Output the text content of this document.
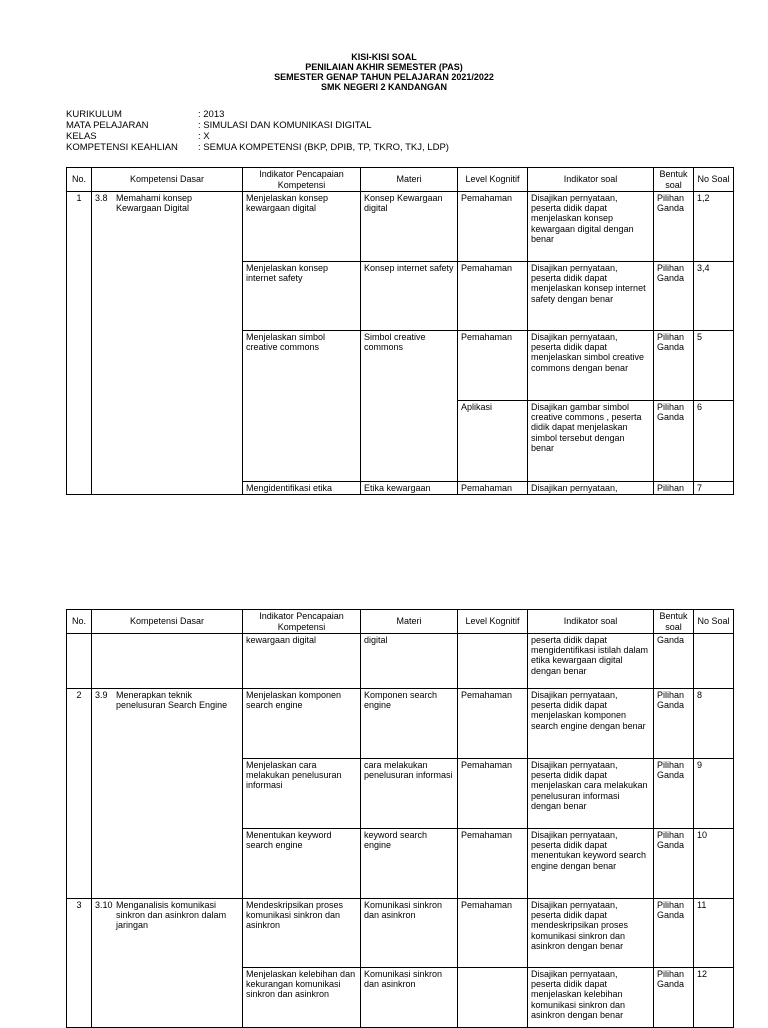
KISI-KISI SOAL
PENILAIAN AKHIR SEMESTER (PAS)
SEMESTER GENAP TAHUN PELAJARAN 2021/2022
SMK NEGERI 2 KANDANGAN
KURIKULUM	: 2013
MATA PELAJARAN	: SIMULASI DAN KOMUNIKASI DIGITAL
KELAS	: X
KOMPETENSI KEAHLIAN : SEMUA KOMPETENSI (BKP, DPIB, TP, TKRO, TKJ, LDP)
No.	Kompetensi Dasar	Indikator Pencapaian Kompetensi	Materi	Level Kognitif	Indikator soal	Bentuk soal	No Soal
1	3.8 Memahami konsep Kewargaan Digital	Menjelaskan konsep kewargaan digital	Konsep Kewargaan digital	Pemahaman	Disajikan pernyataan, peserta didik dapat menjelaskan konsep kewargaan digital dengan benar	Pilihan Ganda	1,2
		Menjelaskan konsep internet safety	Konsep internet safety	Pemahaman	Disajikan pernyataan, peserta didik dapat menjelaskan konsep internet safety dengan benar	Pilihan Ganda	3,4
		Menjelaskan simbol creative commons	Simbol creative commons	Pemahaman	Disajikan pernyataan, peserta didik dapat menjelaskan simbol creative commons dengan benar	Pilihan Ganda	5
				Aplikasi	Disajikan gambar simbol creative commons , peserta didik dapat menjelaskan simbol tersebut dengan benar	Pilihan Ganda	6
		Mengidentifikasi etika	Etika kewargaan	Pemahaman	Disajikan pernyataan,	Pilihan	7
No.	Kompetensi Dasar	Indikator Pencapaian Kompetensi	Materi	Level Kognitif	Indikator soal	Bentuk soal	No Soal
		kewargaan digital	digital		peserta didik dapat mengidentifikasi istilah dalam etika kewargaan digital dengan benar	Ganda	
2	3.9 Menerapkan teknik penelusuran Search Engine	Menjelaskan komponen search engine	Komponen search engine	Pemahaman	Disajikan pernyataan, peserta didik dapat menjelaskan komponen search engine dengan benar	Pilihan Ganda	8
		Menjelaskan cara melakukan penelusuran informasi	cara melakukan penelusuran informasi	Pemahaman	Disajikan pernyataan, peserta didik dapat menjelaskan cara melakukan penelusuran informasi dengan benar	Pilihan Ganda	9
		Menentukan keyword search engine	keyword search engine	Pemahaman	Disajikan pernyataan, peserta didik dapat menentukan keyword search engine dengan benar	Pilihan Ganda	10
3	3.10 Menganalisis komunikasi sinkron dan asinkron dalam jaringan	Mendeskripsikan proses komunikasi sinkron dan asinkron	Komunikasi sinkron dan asinkron	Pemahaman	Disajikan pernyataan, peserta didik dapat mendeskripsikan proses komunikasi sinkron dan asinkron dengan benar	Pilihan Ganda	11
		Menjelaskan kelebihan dan kekurangan komunikasi sinkron dan asinkron	Komunikasi sinkron dan asinkron		Disajikan pernyataan, peserta didik dapat menjelaskan kelebihan komunikasi sinkron dan asinkron dengan benar	Pilihan Ganda	12
